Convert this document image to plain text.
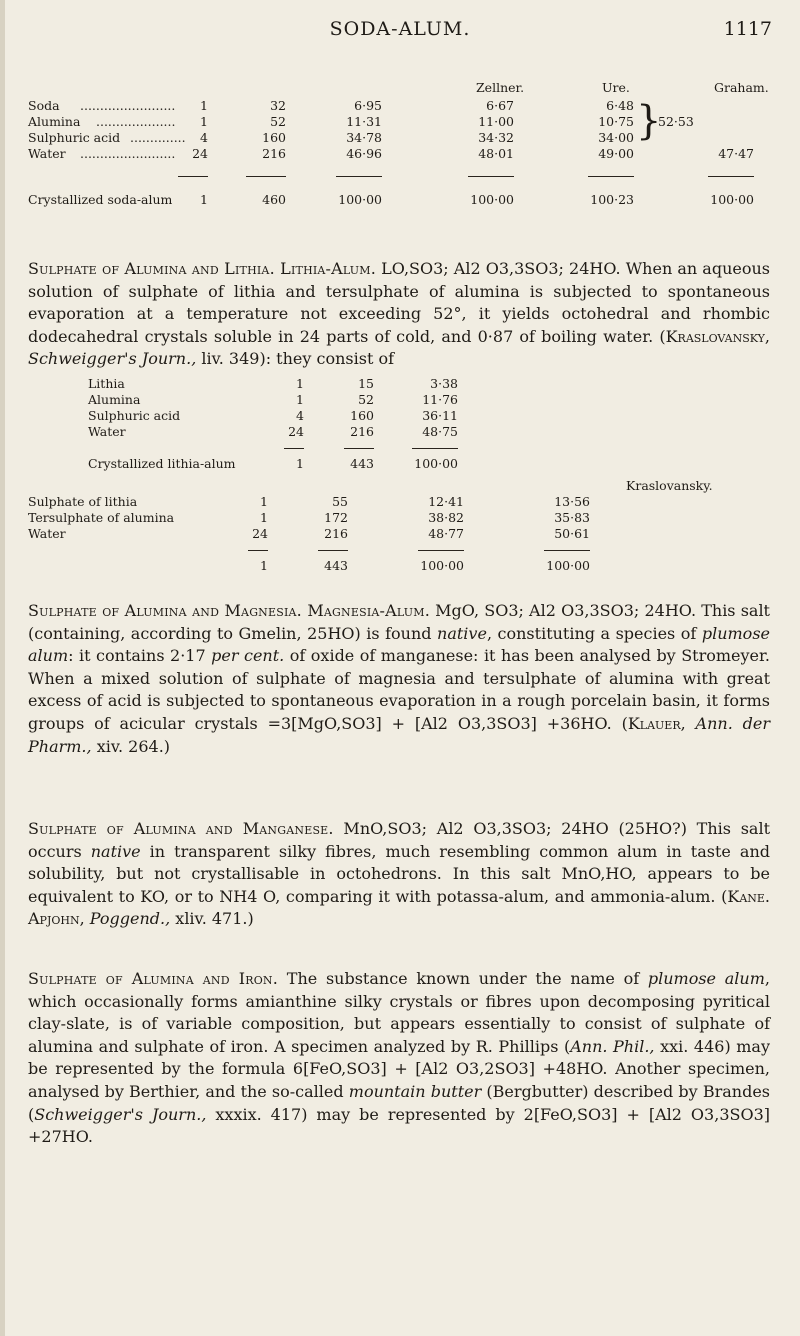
SODA-ALUM.	1117
Zellner.	Ure.	Graham.
Soda ........................	1	32	6·95	6·67	6·48
Alumina ....................	1	52	11·31	11·00	10·75 52·53
Sulphuric acid ..............	4	160	34·78	34·32	34·00
Water ........................	24	216	46·96	48·01	49·00	47·47
}
Crystallized soda-alum	1	460	100·00	100·00	100·23	100·00
Sulphate of Alumina and Lithia. Lithia-Alum. LO,SO3; Al2 O3,3SO3; 24HO. When an aqueous solution of sulphate of lithia and tersulphate of alumina is subjected to spontaneous evaporation at a temperature not exceeding 52°, it yields octohedral and rhombic dodecahedral crystals soluble in 24 parts of cold, and 0·87 of boiling water. (Kraslovansky, Schweigger's Journ., liv. 349): they consist of
Lithia	1	15	3·38
Alumina	1	52	11·76
Sulphuric acid	4	160	36·11
Water	24	216	48·75
Crystallized lithia-alum	1	443	100·00
Kraslovansky.
Sulphate of lithia	1	55	12·41	13·56
Tersulphate of alumina	1	172	38·82	35·83
Water	24	216	48·77	50·61
1	443	100·00	100·00
Sulphate of Alumina and Magnesia. Magnesia-Alum. MgO, SO3; Al2 O3,3SO3; 24HO. This salt (containing, according to Gmelin, 25HO) is found native, constituting a species of plumose alum: it contains 2·17 per cent. of oxide of manganese: it has been analysed by Stromeyer. When a mixed solution of sulphate of magnesia and tersulphate of alumina with great excess of acid is subjected to spontaneous evaporation in a rough porcelain basin, it forms groups of acicular crystals =3[MgO,SO3] + [Al2 O3,3SO3] +36HO. (Klauer, Ann. der Pharm., xiv. 264.)
Sulphate of Alumina and Manganese. MnO,SO3; Al2 O3,3SO3; 24HO (25HO?) This salt occurs native in transparent silky fibres, much resembling common alum in taste and solubility, but not crystallisable in octohedrons. In this salt MnO,HO, appears to be equivalent to KO, or to NH4 O, comparing it with potassa-alum, and ammonia-alum. (Kane. Apjohn, Poggend., xliv. 471.)
Sulphate of Alumina and Iron. The substance known under the name of plumose alum, which occasionally forms amianthine silky crystals or fibres upon decomposing pyritical clay-slate, is of variable composition, but appears essentially to consist of sulphate of alumina and sulphate of iron. A specimen analyzed by R. Phillips (Ann. Phil., xxi. 446) may be represented by the formula 6[FeO,SO3] + [Al2 O3,2SO3] +48HO. Another specimen, analysed by Berthier, and the so-called mountain butter (Bergbutter) described by Brandes (Schweigger's Journ., xxxix. 417) may be represented by 2[FeO,SO3] + [Al2 O3,3SO3] +27HO.
